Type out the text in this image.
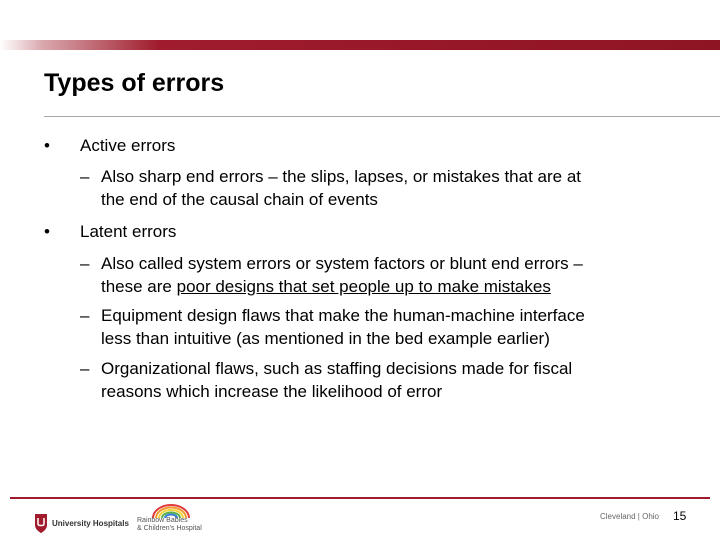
Types of errors
• Active errors
– Also sharp end errors – the slips, lapses, or mistakes that are at
the end of the causal chain of events
• Latent errors
– Also called system errors or system factors or blunt end errors –
these are poor designs that set people up to make mistakes
– Equipment design flaws that make the human-machine interface
less than intuitive (as mentioned in the bed example earlier)
– Organizational flaws, such as staffing decisions made for fiscal
reasons which increase the likelihood of error
University Hospitals Rainbow Babies
& Children's Hospital
Cleveland | Ohio 15
